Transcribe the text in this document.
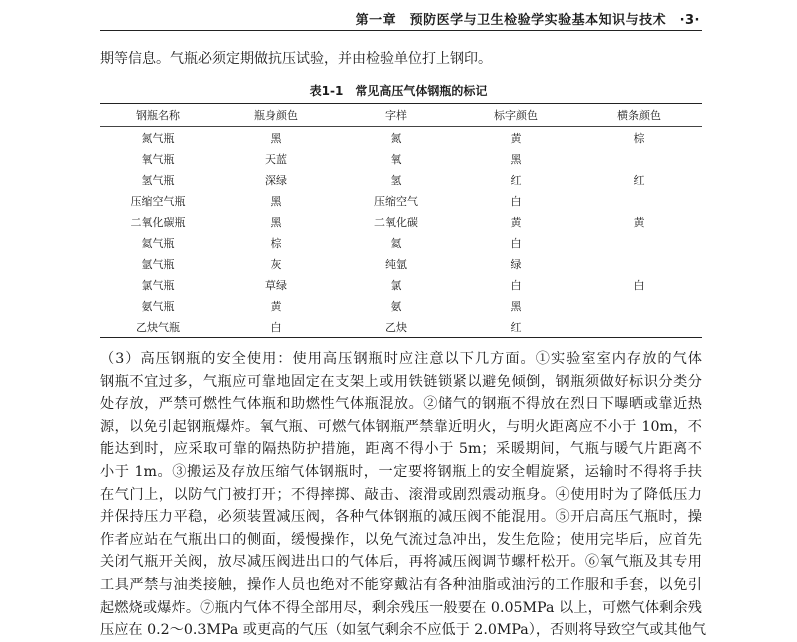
第一章　预防医学与卫生检验学实验基本知识与技术　·3·
期等信息。气瓶必须定期做抗压试验，并由检验单位打上钢印。
表1-1　常见高压气体钢瓶的标记
钢瓶名称	瓶身颜色	字样	标字颜色	横条颜色
氮气瓶	黑	氮	黄	棕
氧气瓶	天蓝	氧	黑
氢气瓶	深绿	氢	红	红
压缩空气瓶	黑	压缩空气	白
二氧化碳瓶	黑	二氧化碳	黄	黄
氦气瓶	棕	氦	白
氩气瓶	灰	纯氩	绿
氯气瓶	草绿	氯	白	白
氨气瓶	黄	氨	黑
乙炔气瓶	白	乙炔	红
（3）高压钢瓶的安全使用：使用高压钢瓶时应注意以下几方面。①实验室室内存放的气体
钢瓶不宜过多，气瓶应可靠地固定在支架上或用铁链锁紧以避免倾倒，钢瓶须做好标识分类分
处存放，严禁可燃性气体瓶和助燃性气体瓶混放。②储气的钢瓶不得放在烈日下曝晒或靠近热
源，以免引起钢瓶爆炸。氧气瓶、可燃气体钢瓶严禁靠近明火，与明火距离应不小于 10m，不
能达到时，应采取可靠的隔热防护措施，距离不得小于 5m；采暖期间，气瓶与暖气片距离不
小于 1m。③搬运及存放压缩气体钢瓶时，一定要将钢瓶上的安全帽旋紧，运输时不得将手扶
在气门上，以防气门被打开；不得摔掷、敲击、滚滑或剧烈震动瓶身。④使用时为了降低压力
并保持压力平稳，必须装置减压阀，各种气体钢瓶的减压阀不能混用。⑤开启高压气瓶时，操
作者应站在气瓶出口的侧面，缓慢操作，以免气流过急冲出，发生危险；使用完毕后，应首先
关闭气瓶开关阀，放尽减压阀进出口的气体后，再将减压阀调节螺杆松开。⑥氧气瓶及其专用
工具严禁与油类接触，操作人员也绝对不能穿戴沾有各种油脂或油污的工作服和手套，以免引
起燃烧或爆炸。⑦瓶内气体不得全部用尽，剩余残压一般要在 0.05MPa 以上，可燃气体剩余残
压应在 0.2～0.3MPa 或更高的气压（如氢气剩余不应低于 2.0MPa），否则将导致空气或其他气
